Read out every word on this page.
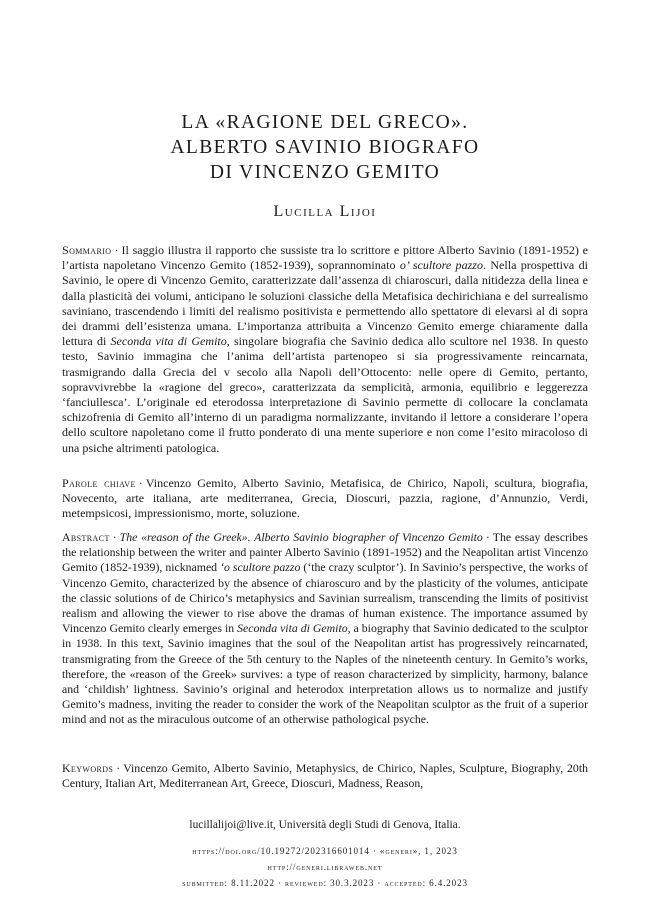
LA «RAGIONE DEL GRECO».
ALBERTO SAVINIO BIOGRAFO
DI VINCENZO GEMITO
Lucilla Lijoi
Sommario · Il saggio illustra il rapporto che sussiste tra lo scrittore e pittore Alberto Savinio (1891-1952) e l’artista napoletano Vincenzo Gemito (1852-1939), soprannominato o’ scultore pazzo. Nella prospettiva di Savinio, le opere di Vincenzo Gemito, caratterizzate dall’assenza di chiaroscuri, dalla nitidezza della linea e dalla plasticità dei volumi, anticipano le soluzioni classiche della Metafisica dechirichiana e del surrealismo saviniano, trascendendo i limiti del realismo positivista e permettendo allo spettatore di elevarsi al di sopra dei drammi dell’esistenza umana. L’importanza attribuita a Vincenzo Gemito emerge chiaramente dalla lettura di Seconda vita di Gemito, singolare biografia che Savinio dedica allo scultore nel 1938. In questo testo, Savinio immagina che l’anima dell’artista partenopeo si sia progressivamente reincarnata, trasmigrando dalla Grecia del v secolo alla Napoli dell’Ottocento: nelle opere di Gemito, pertanto, sopravvivrebbe la «ragione del greco», caratterizzata da semplicità, armonia, equilibrio e leggerezza ‘fanciullesca’. L’originale ed eterodossa interpretazione di Savinio permette di collocare la conclamata schizofrenia di Gemito all’interno di un paradigma normalizzante, invitando il lettore a considerare l’opera dello scultore napoletano come il frutto ponderato di una mente superiore e non come l’esito miracoloso di una psiche altrimenti patologica.
Parole chiave · Vincenzo Gemito, Alberto Savinio, Metafisica, de Chirico, Napoli, scultura, biografia, Novecento, arte italiana, arte mediterranea, Grecia, Dioscuri, pazzia, ragione, d’Annunzio, Verdi, metempsicosi, impressionismo, morte, soluzione.
Abstract · The «reason of the Greek». Alberto Savinio biographer of Vincenzo Gemito · The essay describes the relationship between the writer and painter Alberto Savinio (1891-1952) and the Neapolitan artist Vincenzo Gemito (1852-1939), nicknamed ‘o scultore pazzo (‘the crazy sculptor’). In Savinio’s perspective, the works of Vincenzo Gemito, characterized by the absence of chiaroscuro and by the plasticity of the volumes, anticipate the classic solutions of de Chirico’s metaphysics and Savinian surrealism, transcending the limits of positivist realism and allowing the viewer to rise above the dramas of human existence. The importance assumed by Vincenzo Gemito clearly emerges in Seconda vita di Gemito, a biography that Savinio dedicated to the sculptor in 1938. In this text, Savinio imagines that the soul of the Neapolitan artist has progressively reincarnated, transmigrating from the Greece of the 5th century to the Naples of the nineteenth century. In Gemito’s works, therefore, the «reason of the Greek» survives: a type of reason characterized by simplicity, harmony, balance and ‘childish’ lightness. Savinio’s original and heterodox interpretation allows us to normalize and justify Gemito’s madness, inviting the reader to consider the work of the Neapolitan sculptor as the fruit of a superior mind and not as the miraculous outcome of an otherwise pathological psyche.
Keywords · Vincenzo Gemito, Alberto Savinio, Metaphysics, de Chirico, Naples, Sculpture, Biography, 20th Century, Italian Art, Mediterranean Art, Greece, Dioscuri, Madness, Reason,
lucillalijoi@live.it, Università degli Studi di Genova, Italia.
https://doi.org/10.19272/202316601014 · «generi», 1, 2023
http://generi.libraweb.net
submitted: 8.11.2022 · reviewed: 30.3.2023 · accepted: 6.4.2023
